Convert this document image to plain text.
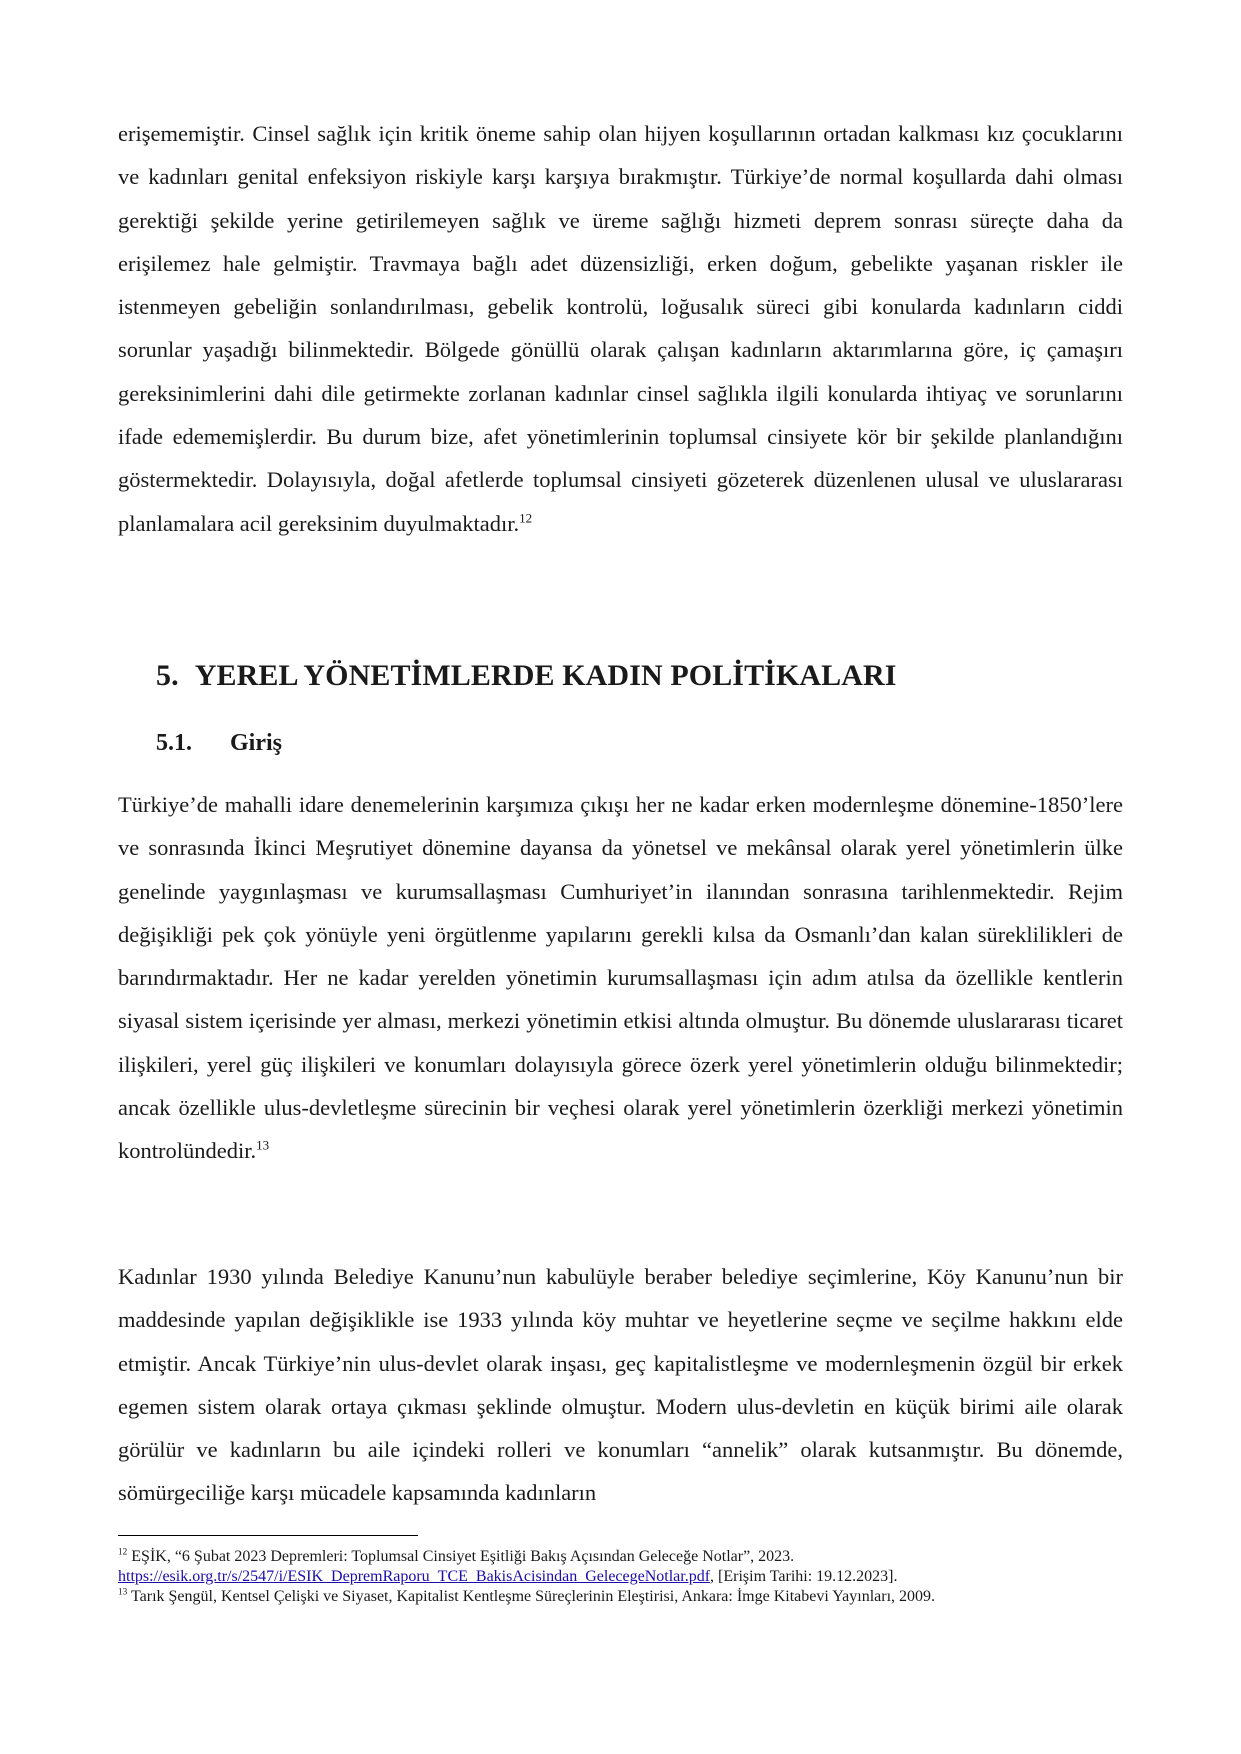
erişememiştir. Cinsel sağlık için kritik öneme sahip olan hijyen koşullarının ortadan kalkması kız çocuklarını ve kadınları genital enfeksiyon riskiyle karşı karşıya bırakmıştır. Türkiye’de normal koşullarda dahi olması gerektiği şekilde yerine getirilemeyen sağlık ve üreme sağlığı hizmeti deprem sonrası süreçte daha da erişilemez hale gelmiştir. Travmaya bağlı adet düzensizliği, erken doğum, gebelikte yaşanan riskler ile istenmeyen gebeliğin sonlandırılması, gebelik kontrolü, loğusalık süreci gibi konularda kadınların ciddi sorunlar yaşadığı bilinmektedir. Bölgede gönüllü olarak çalışan kadınların aktarımlarına göre, iç çamaşırı gereksinimlerini dahi dile getirmekte zorlanan kadınlar cinsel sağlıkla ilgili konularda ihtiyaç ve sorunlarını ifade edememişlerdir. Bu durum bize, afet yönetimlerinin toplumsal cinsiyete kör bir şekilde planlandığını göstermektedir. Dolayısıyla, doğal afetlerde toplumsal cinsiyeti gözeterek düzenlenen ulusal ve uluslararası planlamalara acil gereksinim duyulmaktadır.$^{12}$

5. YEREL YÖNETİMLERDE KADIN POLİTİKALARI
5.1. Giriş

Türkiye’de mahalli idare denemelerinin karşımıza çıkışı her ne kadar erken modernleşme dönemine-1850’lere ve sonrasında İkinci Meşrutiyet dönemine dayansa da yönetsel ve mekânsal olarak yerel yönetimlerin ülke genelinde yaygınlaşması ve kurumsallaşması Cumhuriyet’in ilanından sonrasına tarihlenmektedir. Rejim değişikliği pek çok yönüyle yeni örgütlenme yapılarını gerekli kılsa da Osmanlı’dan kalan süreklilikleri de barındırmaktadır. Her ne kadar yerelden yönetimin kurumsallaşması için adım atılsa da özellikle kentlerin siyasal sistem içerisinde yer alması, merkezi yönetimin etkisi altında olmuştur. Bu dönemde uluslararası ticaret ilişkileri, yerel güç ilişkileri ve konumları dolayısıyla görece özerk yerel yönetimlerin olduğu bilinmektedir; ancak özellikle ulus-devletleşme sürecinin bir veçhesi olarak yerel yönetimlerin özerkliği merkezi yönetimin kontrolündedir.$^{13}$

Kadınlar 1930 yılında Belediye Kanunu’nun kabulüyle beraber belediye seçimlerine, Köy Kanunu’nun bir maddesinde yapılan değişiklikle ise 1933 yılında köy muhtar ve heyetlerine seçme ve seçilme hakkını elde etmiştir. Ancak Türkiye’nin ulus-devlet olarak inşası, geç kapitalistleşme ve modernleşmenin özgül bir erkek egemen sistem olarak ortaya çıkması şeklinde olmuştur. Modern ulus-devletin en küçük birimi aile olarak görülür ve kadınların bu aile içindeki rolleri ve konumları “annelik” olarak kutsanmıştır. Bu dönemde, sömürgeciliğe karşı mücadele kapsamında kadınların

$^{12}$ EŞİK, “6 Şubat 2023 Depremleri: Toplumsal Cinsiyet Eşitliği Bakış Açısından Geleceğe Notlar”, 2023.
https://esik.org.tr/s/2547/i/ESIK_DepremRaporu_TCE_BakisAcisindan_GelecegeNotlar.pdf, [Erişim Tarihi: 19.12.2023].

$^{13}$ Tarık Şengül, Kentsel Çelişki ve Siyaset, Kapitalist Kentleşme Süreçlerinin Eleştirisi, Ankara: İmge Kitabevi Yayınları, 2009.
